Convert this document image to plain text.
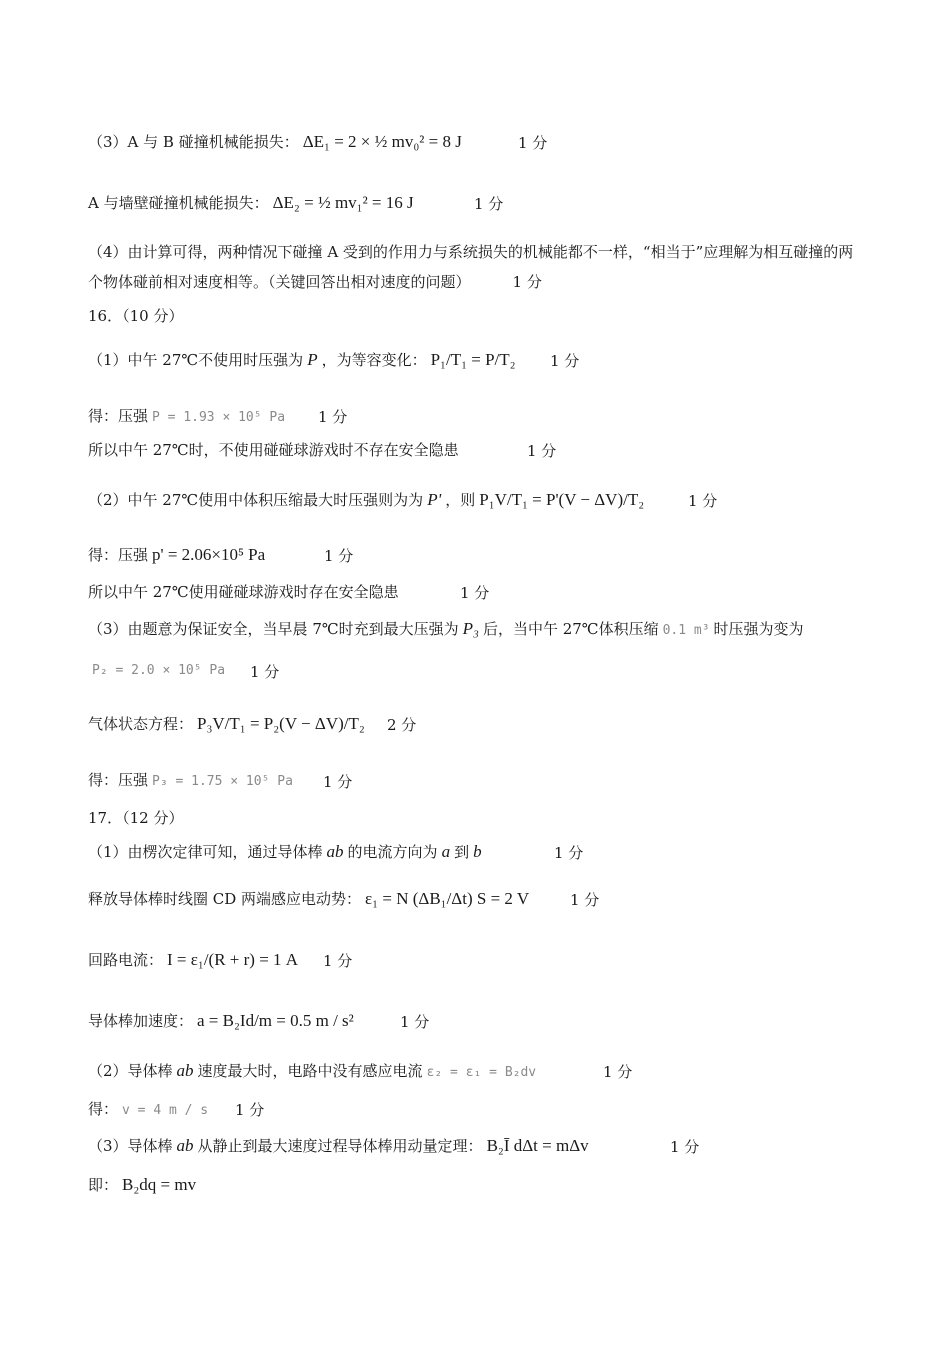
（3）A 与 B 碰撞机械能损失： ΔE₁ = 2 × ½ mv₀² = 8 J	1 分
A 与墙壁碰撞机械能损失： ΔE₂ = ½ mv₁² = 16 J	1 分
（4）由计算可得，两种情况下碰撞 A 受到的作用力与系统损失的机械能都不一样，“相当于”应理解为相互碰撞的两个物体碰前相对速度相等。（关键回答出相对速度的问题）	1 分
16．（10 分）
（1）中午 27℃不使用时压强为 P ，为等容变化： P₁/T₁ = P/T₂ 1 分
得：压强 P = 1.93 × 10⁵ Pa 1 分
所以中午 27℃时，不使用碰碰球游戏时不存在安全隐患	1 分
（2）中午 27℃使用中体积压缩最大时压强则为为 P' ，则 P₁V/T₁ = P'(V − ΔV)/T₂	1 分
得：压强 p' = 2.06×10⁵ Pa	1 分
所以中午 27℃使用碰碰球游戏时存在安全隐患	1 分
（3）由题意为保证安全，当早晨 7℃时充到最大压强为 P₃ 后，当中午 27℃体积压缩 0.1 m³ 时压强为变为
P₂ = 2.0 × 10⁵ Pa 1 分
气体状态方程： P₃V/T₁ = P₂(V − ΔV)/T₂ 2 分
得：压强 P₃ = 1.75 × 10⁵ Pa 1 分
17．（12 分）
（1）由楞次定律可知，通过导体棒 ab 的电流方向为 a 到 b	1 分
释放导体棒时线圈 CD 两端感应电动势： ε₁ = N (ΔB₁/Δt) S = 2 V	1 分
回路电流： I = ε₁/(R + r) = 1 A 1 分
导体棒加速度： a = B₂Id/m = 0.5 m / s²	1 分
（2）导体棒 ab 速度最大时，电路中没有感应电流 ε₂ = ε₁ = B₂dv	1 分
得： v = 4 m / s 1 分
（3）导体棒 ab 从静止到最大速度过程导体棒用动量定理： B₂Ī dΔt = mΔv	1 分
即： B₂dq = mv
